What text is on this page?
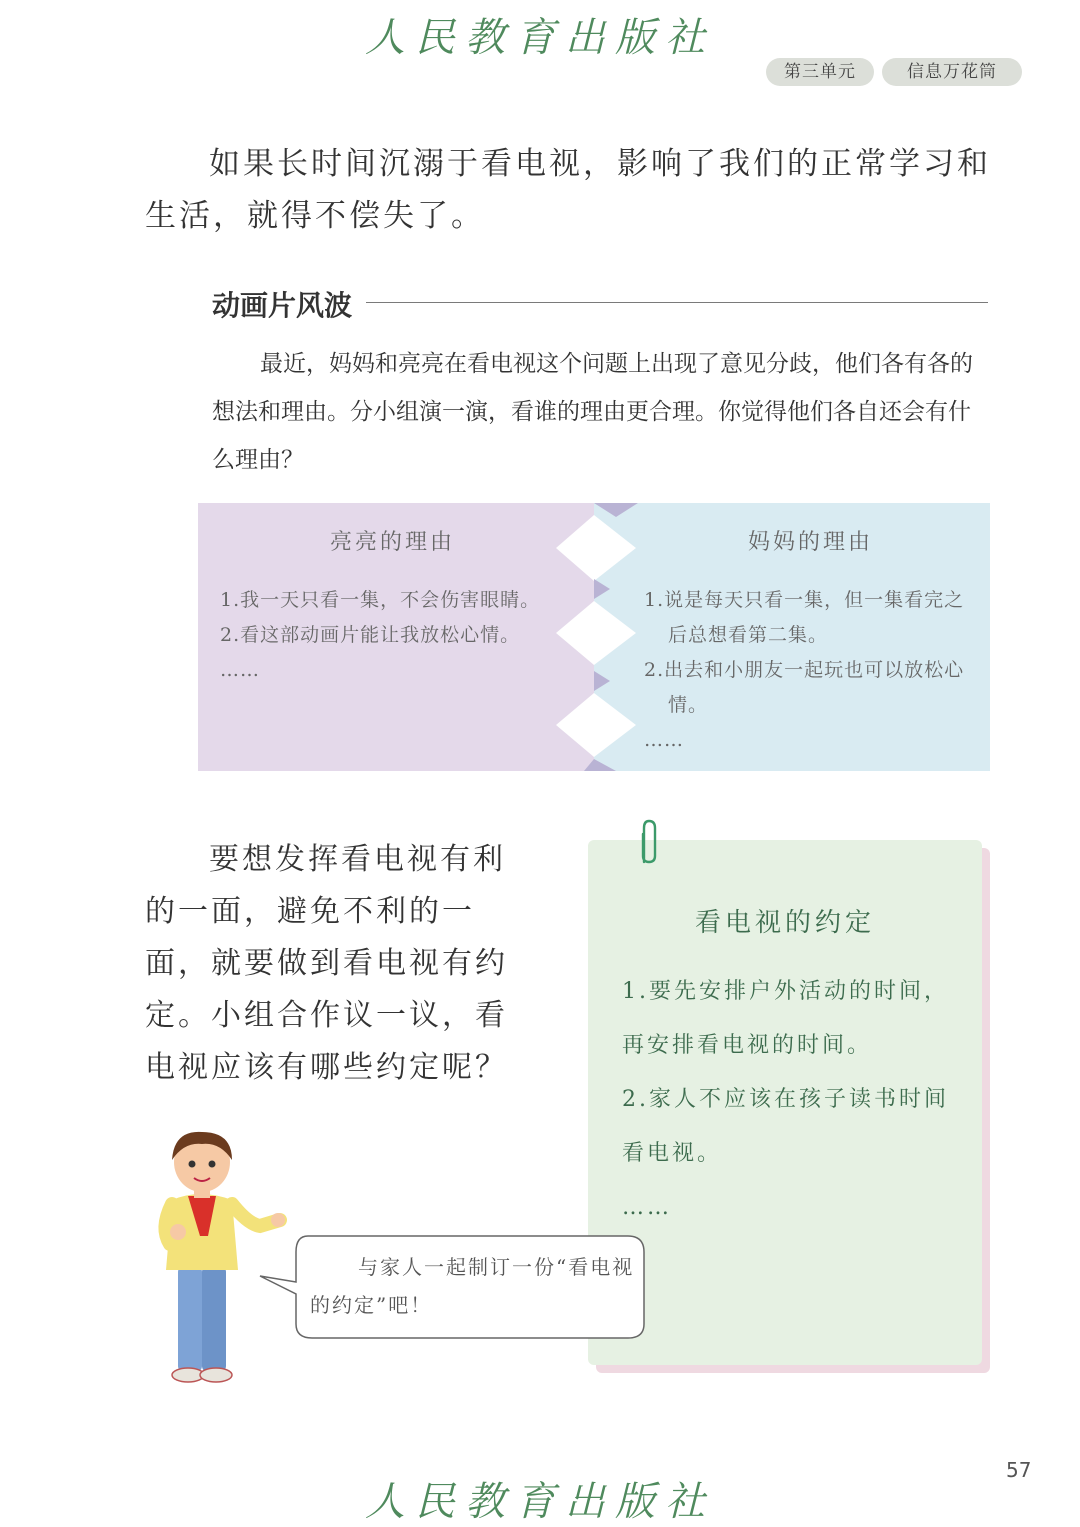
人民教育出版社
第三单元	信息万花筒
如果长时间沉溺于看电视，影响了我们的正常学习和生活，就得不偿失了。
动画片风波
最近，妈妈和亮亮在看电视这个问题上出现了意见分歧，他们各有各的想法和理由。分小组演一演，看谁的理由更合理。你觉得他们各自还会有什么理由？
亮亮的理由
1.我一天只看一集，不会伤害眼睛。
2.看这部动画片能让我放松心情。
……
妈妈的理由
1.说是每天只看一集，但一集看完之后总想看第二集。
2.出去和小朋友一起玩也可以放松心情。
……
要想发挥看电视有利的一面，避免不利的一面，就要做到看电视有约定。小组合作议一议，看电视应该有哪些约定呢？
看电视的约定
1.要先安排户外活动的时间，再安排看电视的时间。
2.家人不应该在孩子读书时间看电视。
……
与家人一起制订一份“看电视的约定”吧！
57
人民教育出版社
